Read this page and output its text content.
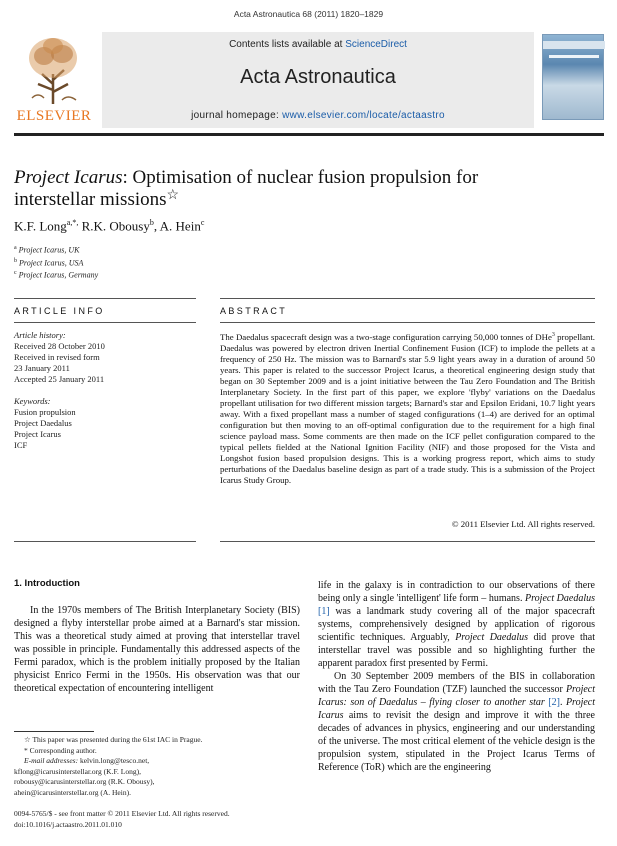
Acta Astronautica 68 (2011) 1820–1829
ELSEVIER
Contents lists available at ScienceDirect
Acta Astronautica
journal homepage: www.elsevier.com/locate/actaastro
Project Icarus: Optimisation of nuclear fusion propulsion for
interstellar missions☆
K.F. Long$^{a,*,}$ R.K. Obousy$^b$, A. Hein$^c$
$^a$ Project Icarus, UK
$^b$ Project Icarus, USA
$^c$ Project Icarus, Germany
ARTICLE INFO	ABSTRACT
Article history:
Received 28 October 2010
Received in revised form
23 January 2011
Accepted 25 January 2011
Keywords:
Fusion propulsion
Project Daedalus
Project Icarus
ICF
The Daedalus spacecraft design was a two-stage configuration carrying 50,000 tonnes of DHe$^3$ propellant. Daedalus was powered by electron driven Inertial Confinement Fusion (ICF) to implode the pellets at a frequency of 250 Hz. The mission was to Barnard's star 5.9 light years away in a duration of around 50 years. This paper is related to the successor Project Icarus, a theoretical engineering design study that began on 30 September 2009 and is a joint initiative between the Tau Zero Foundation and The British Interplanetary Society. In the first part of this paper, we explore 'flyby' variations on the Daedalus propellant utilisation for two different mission targets; Barnard's star and Epsilon Eridani, 10.7 light years away. With a fixed propellant mass a number of staged configurations (1–4) are derived for an optimal configuration but then moving to an off-optimal configuration due to the requirement for a high final science payload mass. Some comments are then made on the ICF pellet configuration compared to the typical pellets fielded at the National Ignition Facility (NIF) and those proposed for the Vista and Longshot fusion based propulsion designs. This is a working progress report, which aims to study perturbations of the Daedalus baseline design as part of a trade study. This is a submission of the Project Icarus Study Group.
© 2011 Elsevier Ltd. All rights reserved.
1. Introduction

In the 1970s members of The British Interplanetary Society (BIS) designed a flyby interstellar probe aimed at a Barnard's star mission. This was a theoretical study aimed at proving that interstellar travel was possible in principle. Fundamentally this addressed aspects of the Fermi paradox, which is the problem initially proposed by the Italian physicist Enrico Fermi in the 1950s. His observation was that our theoretical expectation of encountering intelligent

life in the galaxy is in contradiction to our observations of there being only a single 'intelligent' life form – humans. Project Daedalus [1] was a landmark study covering all of the major spacecraft systems, comprehensively designed by application of rigorous scientific techniques. Arguably, Project Daedalus did prove that interstellar travel was possible and so highlighting further the apparent paradox first presented by Fermi.

On 30 September 2009 members of the BIS in collaboration with the Tau Zero Foundation (TZF) launched the successor Project Icarus: son of Daedalus – flying closer to another star [2]. Project Icarus aims to revisit the design and improve it with the three decades of advances in physics, engineering and our understanding of the universe. The most critical element of the vehicle design is the propulsion system, stipulated in the Project Icarus Terms of Reference (ToR) which are the engineering

☆ This paper was presented during the 61st IAC in Prague.
* Corresponding author.
E-mail addresses: kelvin.long@tesco.net,
kflong@icarusinterstellar.org (K.F. Long),
robousy@icarusinterstellar.org (R.K. Obousy),
ahein@icarusinterstellar.org (A. Hein).
0094-5765/$ - see front matter © 2011 Elsevier Ltd. All rights reserved.
doi:10.1016/j.actaastro.2011.01.010
